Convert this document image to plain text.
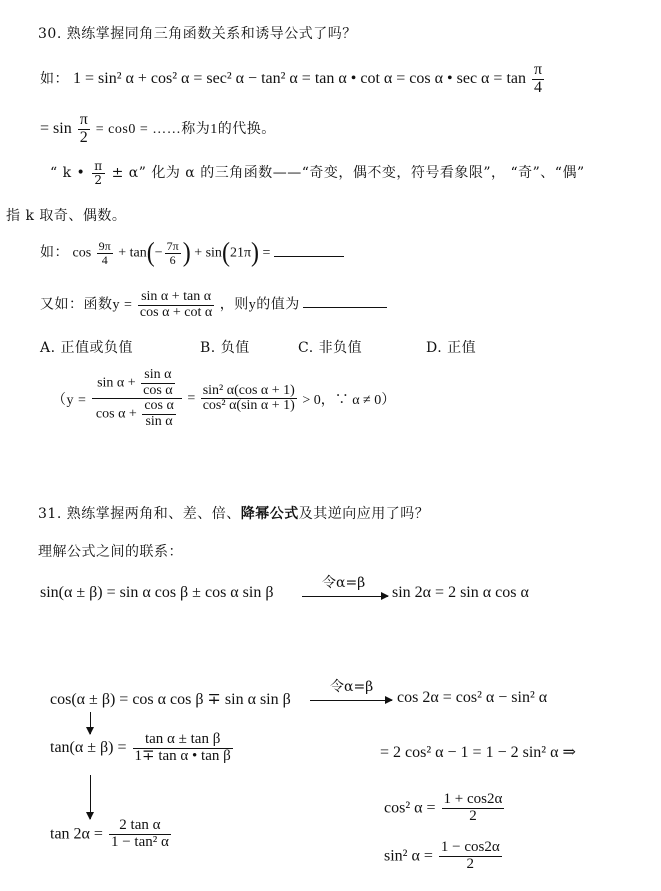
30. 熟练掌握同角三角函数关系和诱导公式了吗？
如： 1 = sin² α + cos² α = sec² α − tan² α = tan α • cot α = cos α • $\sec \alpha = \tan \frac{\pi}{4}$
= $\sin \frac{\pi}{2} = \cos 0$ = ……称为1的代换。
“ k • $\frac{\pi}{2} \pm \alpha$” 化为 α 的三角函数——“奇变，偶不变，符号看象限”， “奇”、“偶”
指 k 取奇、偶数。
如： $\cos \frac{9\pi}{4} + \tan(- \frac{7\pi}{6}$ ) + sin(21π) =
又如：函数$y = \frac{\text{sin α + tan α}}{\text{cos α + cot α}}$ ，则y的值为
A. 正值或负值	B. 负值	C. 非负值	D. 正值
（$y = \frac{\sin \alpha + \frac{\text{sin α}}{\text{cos α}}}{\cos \alpha + \frac{\text{cos α}}{\text{sin α}}} = \frac{\text{sin² α(cos α + 1)}}{\text{cos² α(sin α + 1)}} > 0$，∵ α ≠ 0）
31. 熟练掌握两角和、差、倍、降幂公式及其逆向应用了吗？
理解公式之间的联系：
sin(α ± β) = sin α cos β ± cos α sin β
令α=β
sin 2α = 2 sin α cos α
cos(α ± β) = cos α cos β ∓ sin α sin β
令α=β
cos 2α = cos² α − sin² α
$\tan(\alpha \pm \beta) = \frac{\text{tan α ± tan β}}{\text{1∓ tan α • tan β}}$	= 2 cos² α − 1 = 1 − 2 sin² α ⇒
cos² $\alpha = \frac{1 + \cos 2\alpha}{2}$
$\tan 2\alpha = \frac{\text{2 tan α}}{\text{1 − tan² α}}$
sin² $\alpha = \frac{1 - \cos 2\alpha}{2}$
